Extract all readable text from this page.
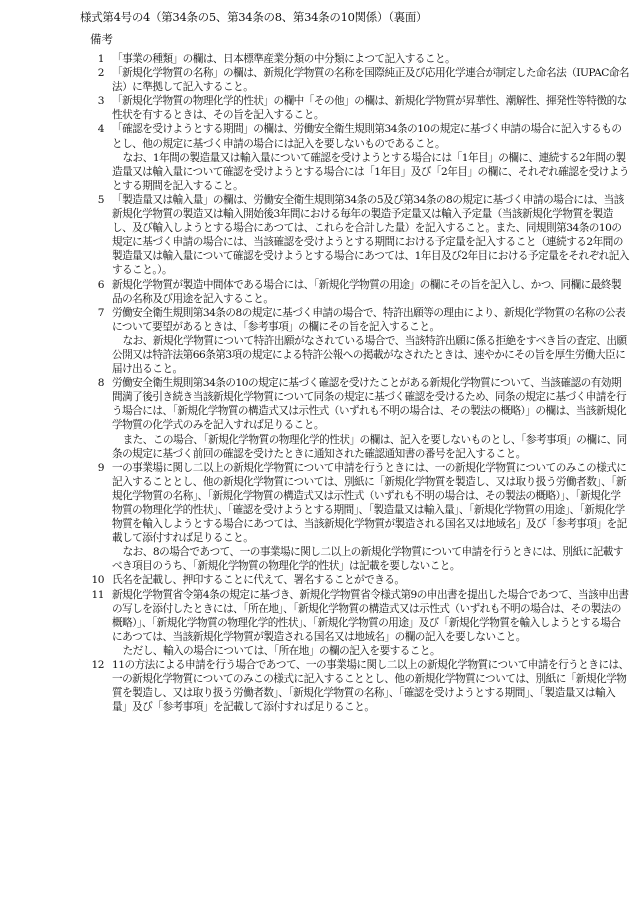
様式第4号の4（第34条の5、第34条の8、第34条の10関係）（裏面）
備考
1 「事業の種類」の欄は、日本標準産業分類の中分類によつて記入すること。

2 「新規化学物質の名称」の欄は、新規化学物質の名称を国際純正及び応用化学連合が制定した命名法（IUPAC命名法）に準拠して記入すること。

3 「新規化学物質の物理化学的性状」の欄中「その他」の欄は、新規化学物質が昇華性、潮解性、揮発性等特徴的な性状を有するときは、その旨を記入すること。

4 「確認を受けようとする期間」の欄は、労働安全衛生規則第34条の10の規定に基づく申請の場合に記入するものとし、他の規定に基づく申請の場合には記入を要しないものであること。

なお、1年間の製造量又は輸入量について確認を受けようとする場合には「1年目」の欄に、連続する2年間の製造量又は輸入量について確認を受けようとする場合には「1年目」及び「2年目」の欄に、それぞれ確認を受けようとする期間を記入すること。

5 「製造量又は輸入量」の欄は、労働安全衛生規則第34条の5及び第34条の8の規定に基づく申請の場合には、当該新規化学物質の製造又は輸入開始後3年間における毎年の製造予定量又は輸入予定量（当該新規化学物質を製造し、及び輸入しようとする場合にあつては、これらを合計した量）を記入すること。また、同規則第34条の10の規定に基づく申請の場合には、当該確認を受けようとする期間における予定量を記入すること（連続する2年間の製造量又は輸入量について確認を受けようとする場合にあつては、1年目及び2年目における予定量をそれぞれ記入すること。）。

6 新規化学物質が製造中間体である場合には、「新規化学物質の用途」の欄にその旨を記入し、かつ、同欄に最終製品の名称及び用途を記入すること。

7 労働安全衛生規則第34条の8の規定に基づく申請の場合で、特許出願等の理由により、新規化学物質の名称の公表について要望があるときは、「参考事項」の欄にその旨を記入すること。

なお、新規化学物質について特許出願がなされている場合で、当該特許出願に係る拒絶をすべき旨の査定、出願公開又は特許法第66条第3項の規定による特許公報への掲載がなされたときは、速やかにその旨を厚生労働大臣に届け出ること。

8 労働安全衛生規則第34条の10の規定に基づく確認を受けたことがある新規化学物質について、当該確認の有効期間満了後引き続き当該新規化学物質について同条の規定に基づく確認を受けるため、同条の規定に基づく申請を行う場合には、「新規化学物質の構造式又は示性式（いずれも不明の場合は、その製法の概略）」の欄は、当該新規化学物質の化学式のみを記入すれば足りること。

また、この場合、「新規化学物質の物理化学的性状」の欄は、記入を要しないものとし、「参考事項」の欄に、同条の規定に基づく前回の確認を受けたときに通知された確認通知書の番号を記入すること。

9 一の事業場に関し二以上の新規化学物質について申請を行うときには、一の新規化学物質についてのみこの様式に記入することとし、他の新規化学物質については、別紙に「新規化学物質を製造し、又は取り扱う労働者数」、「新規化学物質の名称」、「新規化学物質の構造式又は示性式（いずれも不明の場合は、その製法の概略）」、「新規化学物質の物理化学的性状」、「確認を受けようとする期間」、「製造量又は輸入量」、「新規化学物質の用途」、「新規化学物質を輸入しようとする場合にあつては、当該新規化学物質が製造される国名又は地域名」及び「参考事項」を記載して添付すれば足りること。

なお、8の場合であつて、一の事業場に関し二以上の新規化学物質について申請を行うときには、別紙に記載すべき項目のうち、「新規化学物質の物理化学的性状」は記載を要しないこと。

10 氏名を記載し、押印することに代えて、署名することができる。

11 新規化学物質省令第4条の規定に基づき、新規化学物質省令様式第9の申出書を提出した場合であつて、当該申出書の写しを添付したときには、「所在地」、「新規化学物質の構造式又は示性式（いずれも不明の場合は、その製法の概略）」、「新規化学物質の物理化学的性状」、「新規化学物質の用途」及び「新規化学物質を輸入しようとする場合にあつては、当該新規化学物質が製造される国名又は地域名」の欄の記入を要しないこと。

ただし、輸入の場合については、「所在地」の欄の記入を要すること。

12 11の方法による申請を行う場合であつて、一の事業場に関し二以上の新規化学物質について申請を行うときには、一の新規化学物質についてのみこの様式に記入することとし、他の新規化学物質については、別紙に「新規化学物質を製造し、又は取り扱う労働者数」、「新規化学物質の名称」、「確認を受けようとする期間」、「製造量又は輸入量」及び「参考事項」を記載して添付すれば足りること。
